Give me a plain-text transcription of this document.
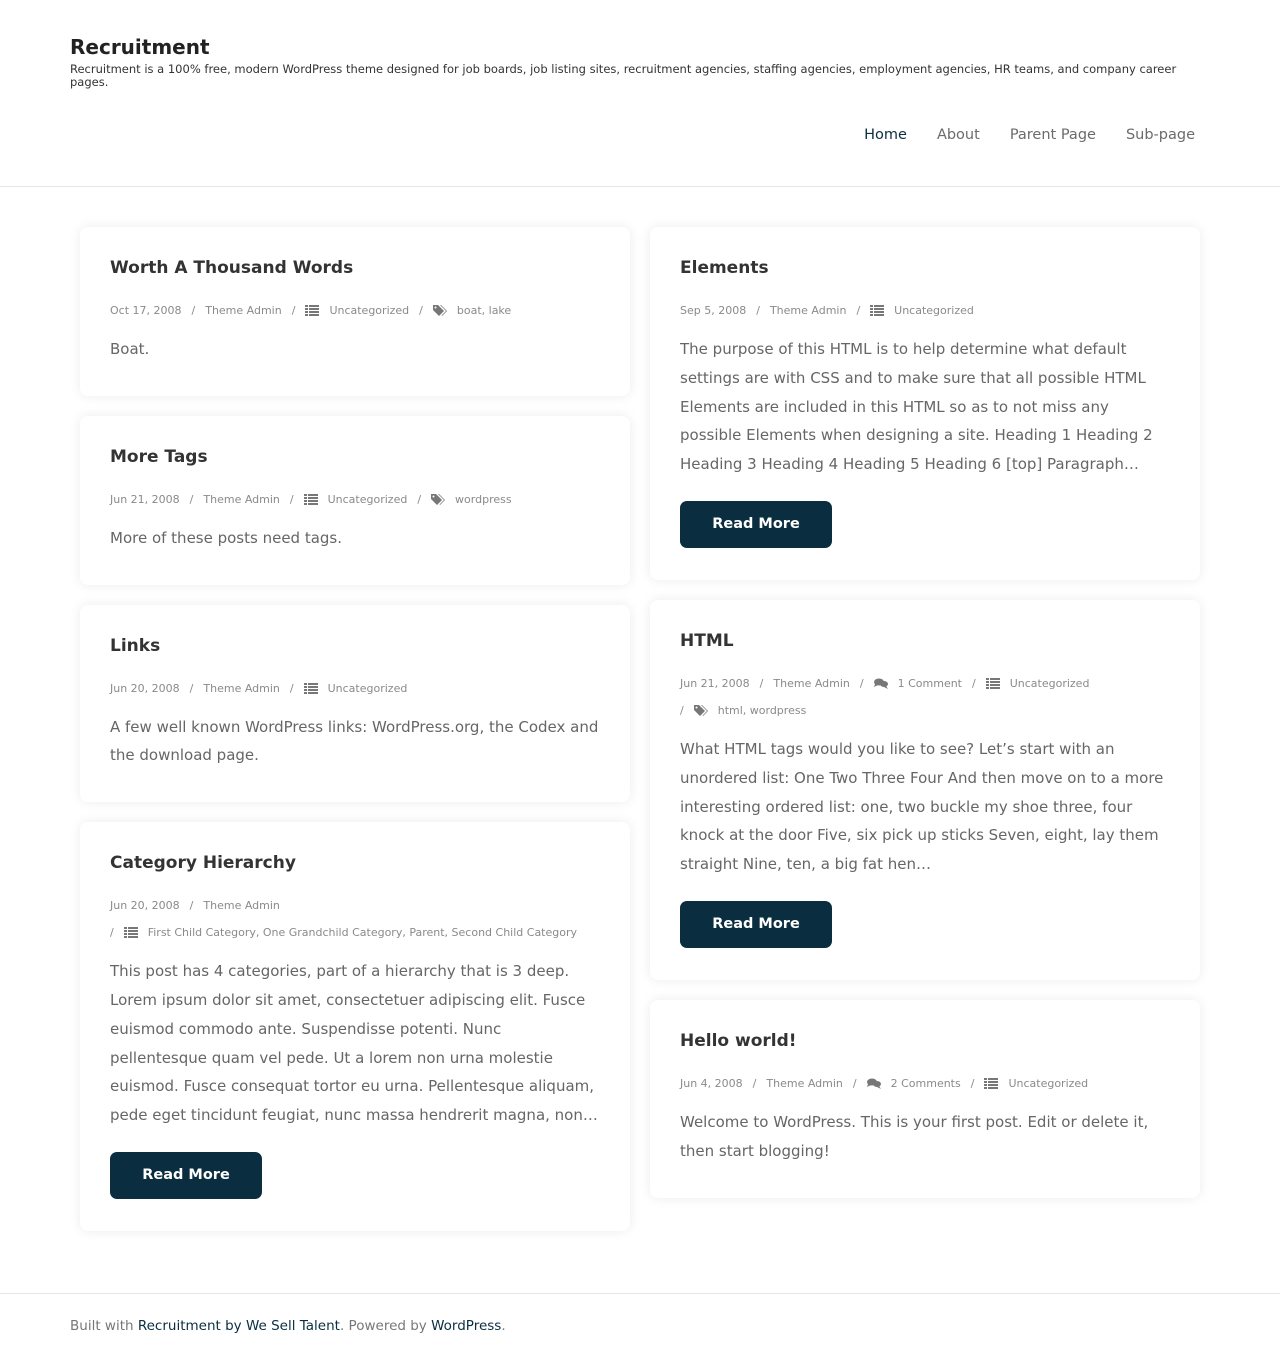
Recruitment

Recruitment is a 100% free, modern WordPress theme designed for job boards, job listing sites, recruitment agencies, staffing agencies, employment agencies, HR teams, and company career pages.

Home About Parent Page Sub-page
Worth A Thousand Words
Oct 17, 2008 / Theme Admin /	Uncategorized /	boat, lake

Boat.

More Tags
Jun 21, 2008 / Theme Admin /	Uncategorized /	wordpress

More of these posts need tags.

Links
Jun 20, 2008 / Theme Admin /	Uncategorized

A few well known WordPress links: WordPress.org, the Codex and the download page.

Category Hierarchy
Jun 20, 2008 / Theme Admin
/	First Child Category, One Grandchild Category, Parent, Second Child Category

This post has 4 categories, part of a hierarchy that is 3 deep. Lorem ipsum dolor sit amet, consectetuer adipiscing elit. Fusce euismod commodo ante. Suspendisse potenti. Nunc pellentesque quam vel pede. Ut a lorem non urna molestie euismod. Fusce consequat tortor eu urna. Pellentesque aliquam, pede eget tincidunt feugiat, nunc massa hendrerit magna, non…

Read More
Elements
Sep 5, 2008 / Theme Admin /	Uncategorized

The purpose of this HTML is to help determine what default settings are with CSS and to make sure that all possible HTML Elements are included in this HTML so as to not miss any possible Elements when designing a site. Heading 1 Heading 2 Heading 3 Heading 4 Heading 5 Heading 6 [top] Paragraph…

Read More
HTML
Jun 21, 2008 / Theme Admin /	1 Comment /	Uncategorized
/	html, wordpress

What HTML tags would you like to see? Let’s start with an unordered list: One Two Three Four And then move on to a more interesting ordered list: one, two buckle my shoe three, four knock at the door Five, six pick up sticks Seven, eight, lay them straight Nine, ten, a big fat hen…

Read More
Hello world!
Jun 4, 2008 / Theme Admin /	2 Comments /	Uncategorized

Welcome to WordPress. This is your first post. Edit or delete it, then start blogging!

Built with Recruitment by We Sell Talent. Powered by WordPress.
